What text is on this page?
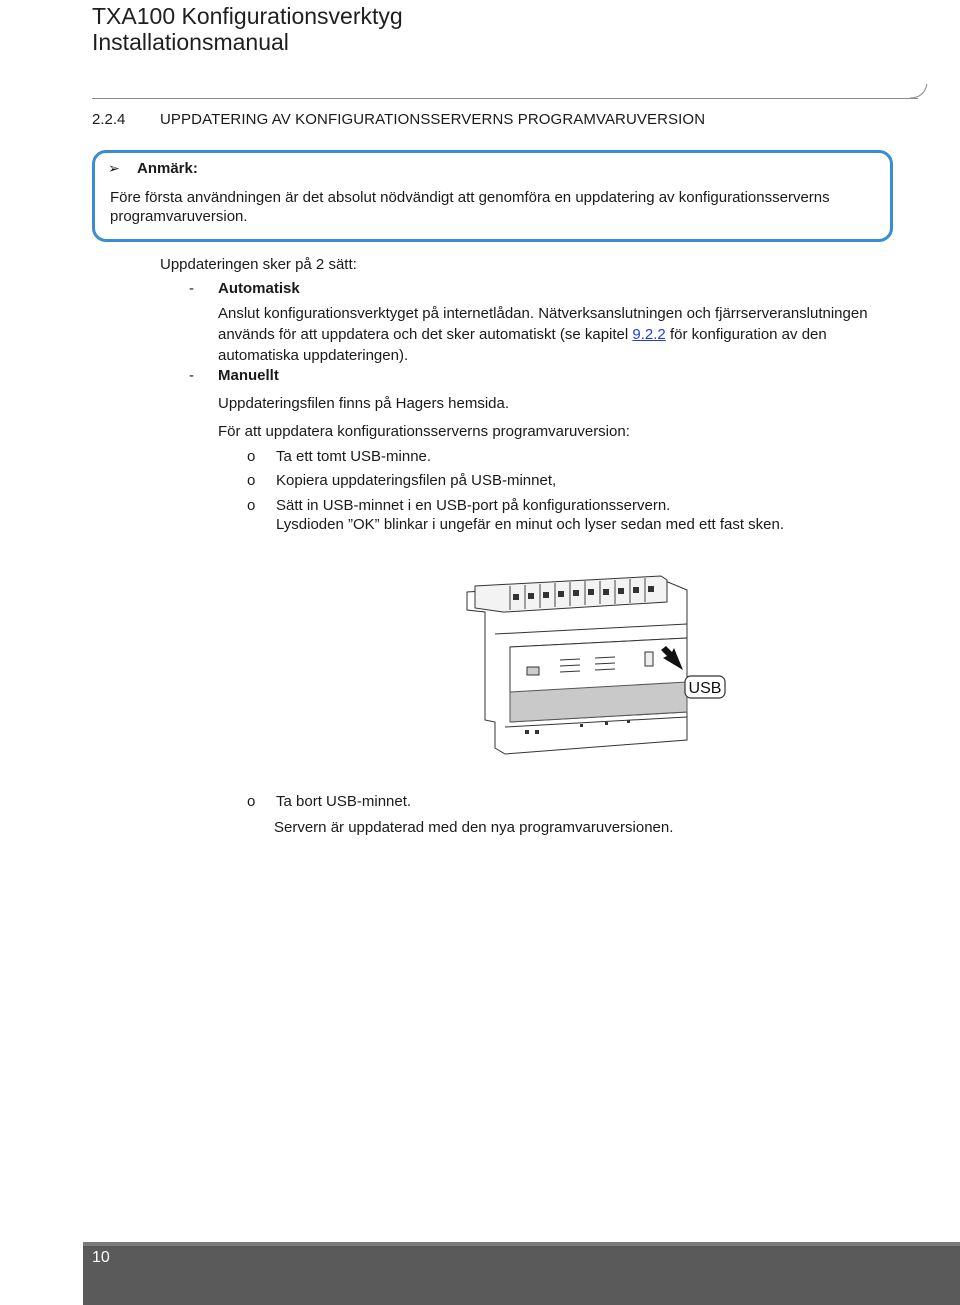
TXA100 Konfigurationsverktyg
Installationsmanual
2.2.4 UPPDATERING AV KONFIGURATIONSSERVERNS PROGRAMVARUVERSION
➢ Anmärk:
Före första användningen är det absolut nödvändigt att genomföra en uppdatering av konfigurationsserverns programvaruversion.
Uppdateringen sker på 2 sätt:
- Automatisk
Anslut konfigurationsverktyget på internetlådan. Nätverksanslutningen och fjärrserveranslutningen används för att uppdatera och det sker automatiskt (se kapitel 9.2.2 för konfiguration av den automatiska uppdateringen).
- Manuellt
Uppdateringsfilen finns på Hagers hemsida.
För att uppdatera konfigurationsserverns programvaruversion:
o Ta ett tomt USB-minne.
o Kopiera uppdateringsfilen på USB-minnet,
o Sätt in USB-minnet i en USB-port på konfigurationsservern.
Lysdioden ”OK” blinkar i ungefär en minut och lyser sedan med ett fast sken.
USB
o Ta bort USB-minnet.
Servern är uppdaterad med den nya programvaruversionen.
10
